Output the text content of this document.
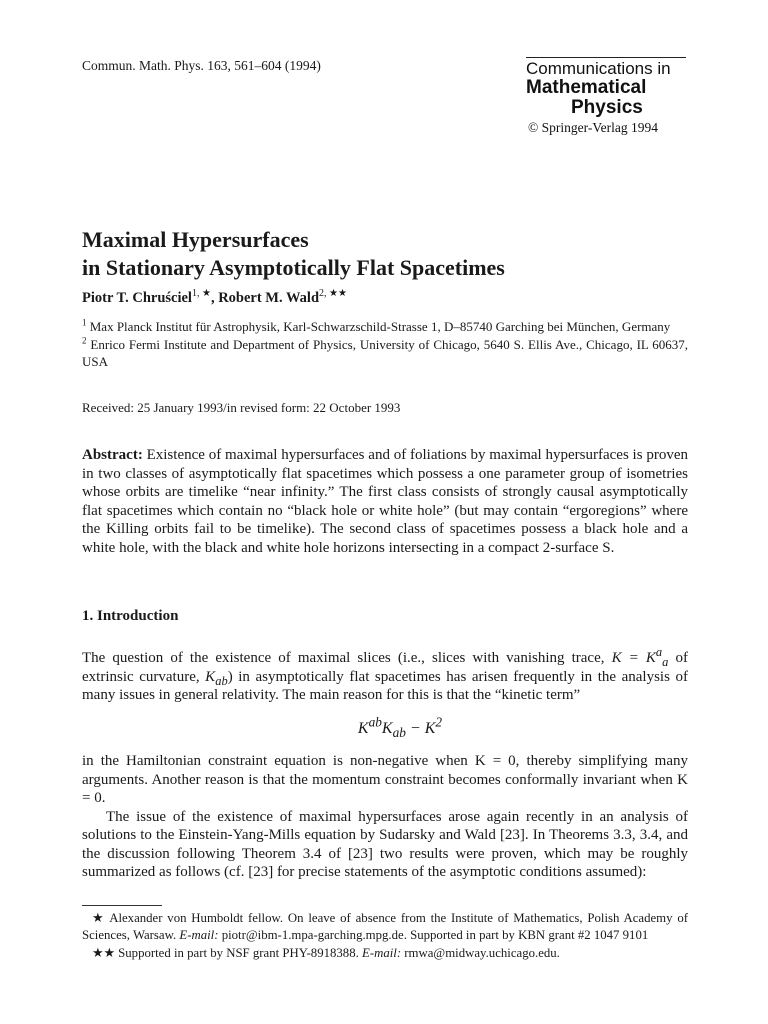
Commun. Math. Phys. 163, 561–604 (1994)	Communications in
Mathematical
Physics
© Springer-Verlag 1994
Maximal Hypersurfaces
in Stationary Asymptotically Flat Spacetimes
Piotr T. Chruściel$^{1, ★}$, Robert M. Wald$^{2, ★★}$

$^1$ Max Planck Institut für Astrophysik, Karl-Schwarzschild-Strasse 1, D–85740 Garching bei München, Germany

$^2$ Enrico Fermi Institute and Department of Physics, University of Chicago, 5640 S. Ellis Ave., Chicago, IL 60637, USA

Received: 25 January 1993/in revised form: 22 October 1993
Abstract: Existence of maximal hypersurfaces and of foliations by maximal hypersurfaces is proven in two classes of asymptotically flat spacetimes which possess a one parameter group of isometries whose orbits are timelike “near infinity.” The first class consists of strongly causal asymptotically flat spacetimes which contain no “black hole or white hole” (but may contain “ergoregions” where the Killing orbits fail to be timelike). The second class of spacetimes possess a black hole and a white hole, with the black and white hole horizons intersecting in a compact 2-surface S.
1. Introduction
The question of the existence of maximal slices (i.e., slices with vanishing trace, $K = K^a_a$ of extrinsic curvature, $K_{ab}$) in asymptotically flat spacetimes has arisen frequently in the analysis of many issues in general relativity. The main reason for this is that the “kinetic term”
$K^{ab}K_{ab} - K^2$

in the Hamiltonian constraint equation is non-negative when K = 0, thereby simplifying many arguments. Another reason is that the momentum constraint becomes conformally invariant when K = 0.

The issue of the existence of maximal hypersurfaces arose again recently in an analysis of solutions to the Einstein-Yang-Mills equation by Sudarsky and Wald [23]. In Theorems 3.3, 3.4, and the discussion following Theorem 3.4 of [23] two results were proven, which may be roughly summarized as follows (cf. [23] for precise statements of the asymptotic conditions assumed):

★ Alexander von Humboldt fellow. On leave of absence from the Institute of Mathematics, Polish Academy of Sciences, Warsaw. E-mail: piotr@ibm-1.mpa-garching.mpg.de. Supported in part by KBN grant #2 1047 9101

★★ Supported in part by NSF grant PHY-8918388. E-mail: rmwa@midway.uchicago.edu.
